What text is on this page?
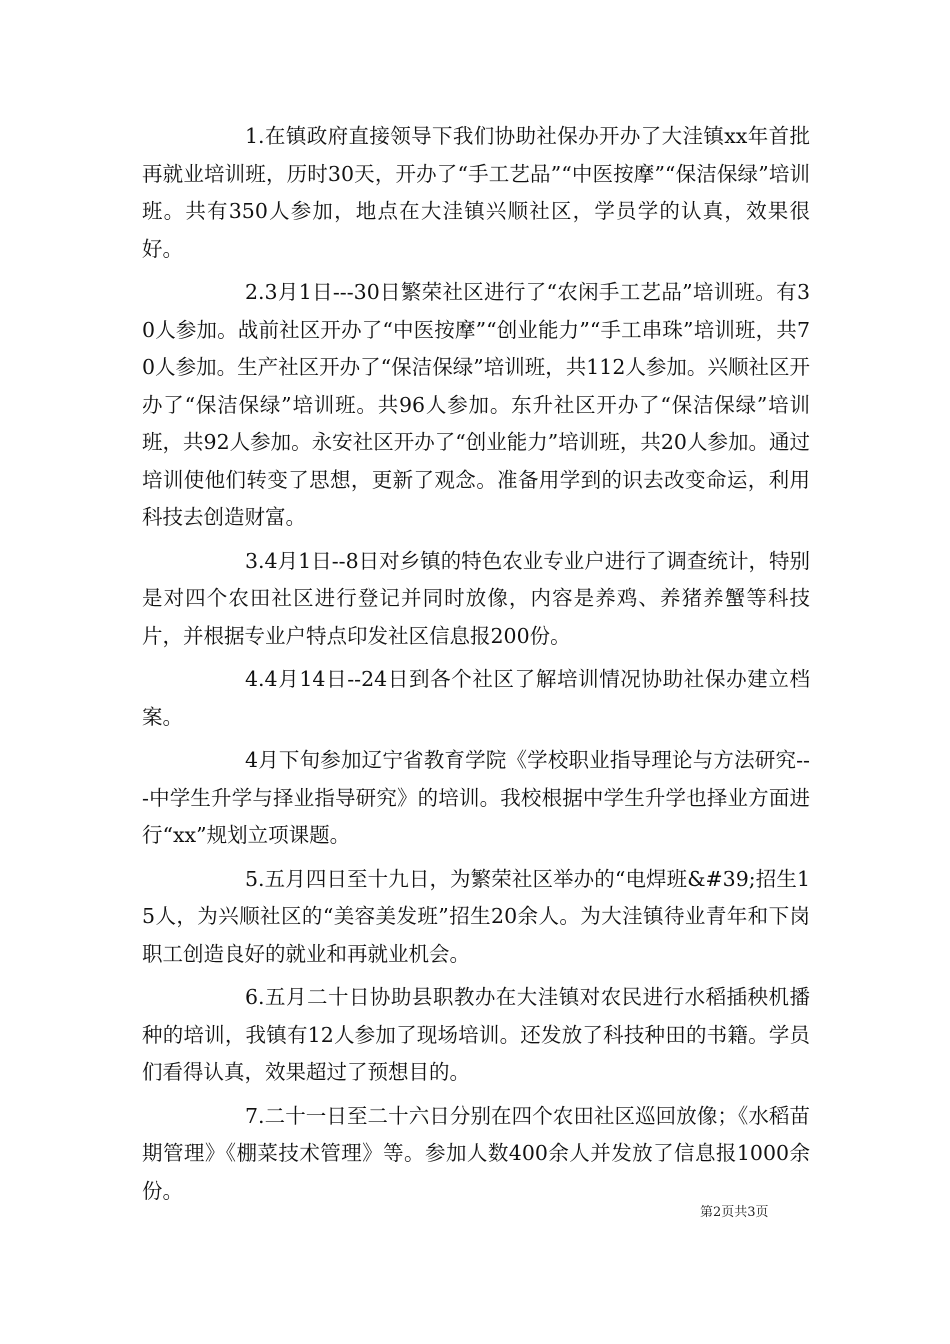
1.在镇政府直接领导下我们协助社保办开办了大洼镇xx年首批再就业培训班，历时30天，开办了“手工艺品”“中医按摩”“保洁保绿”培训班。共有350人参加，地点在大洼镇兴顺社区，学员学的认真，效果很好。

2.3月1日---30日繁荣社区进行了“农闲手工艺品”培训班。有30人参加。战前社区开办了“中医按摩”“创业能力”“手工串珠”培训班，共70人参加。生产社区开办了“保洁保绿”培训班，共112人参加。兴顺社区开办了“保洁保绿”培训班。共96人参加。东升社区开办了“保洁保绿”培训班，共92人参加。永安社区开办了“创业能力”培训班，共20人参加。通过培训使他们转变了思想，更新了观念。准备用学到的识去改变命运，利用科技去创造财富。

3.4月1日--8日对乡镇的特色农业专业户进行了调查统计，特别是对四个农田社区进行登记并同时放像，内容是养鸡、养猪养蟹等科技片，并根据专业户特点印发社区信息报200份。

4.4月14日--24日到各个社区了解培训情况协助社保办建立档案。

4月下旬参加辽宁省教育学院《学校职业指导理论与方法研究---中学生升学与择业指导研究》的培训。我校根据中学生升学也择业方面进行“xx”规划立项课题。

5.五月四日至十九日，为繁荣社区举办的“电焊班&#39;招生15人，为兴顺社区的“美容美发班”招生20余人。为大洼镇待业青年和下岗职工创造良好的就业和再就业机会。

6.五月二十日协助县职教办在大洼镇对农民进行水稻插秧机播种的培训，我镇有12人参加了现场培训。还发放了科技种田的书籍。学员们看得认真，效果超过了预想目的。

7.二十一日至二十六日分别在四个农田社区巡回放像；《水稻苗期管理》《棚菜技术管理》等。参加人数400余人并发放了信息报1000余份。

第2页共3页
